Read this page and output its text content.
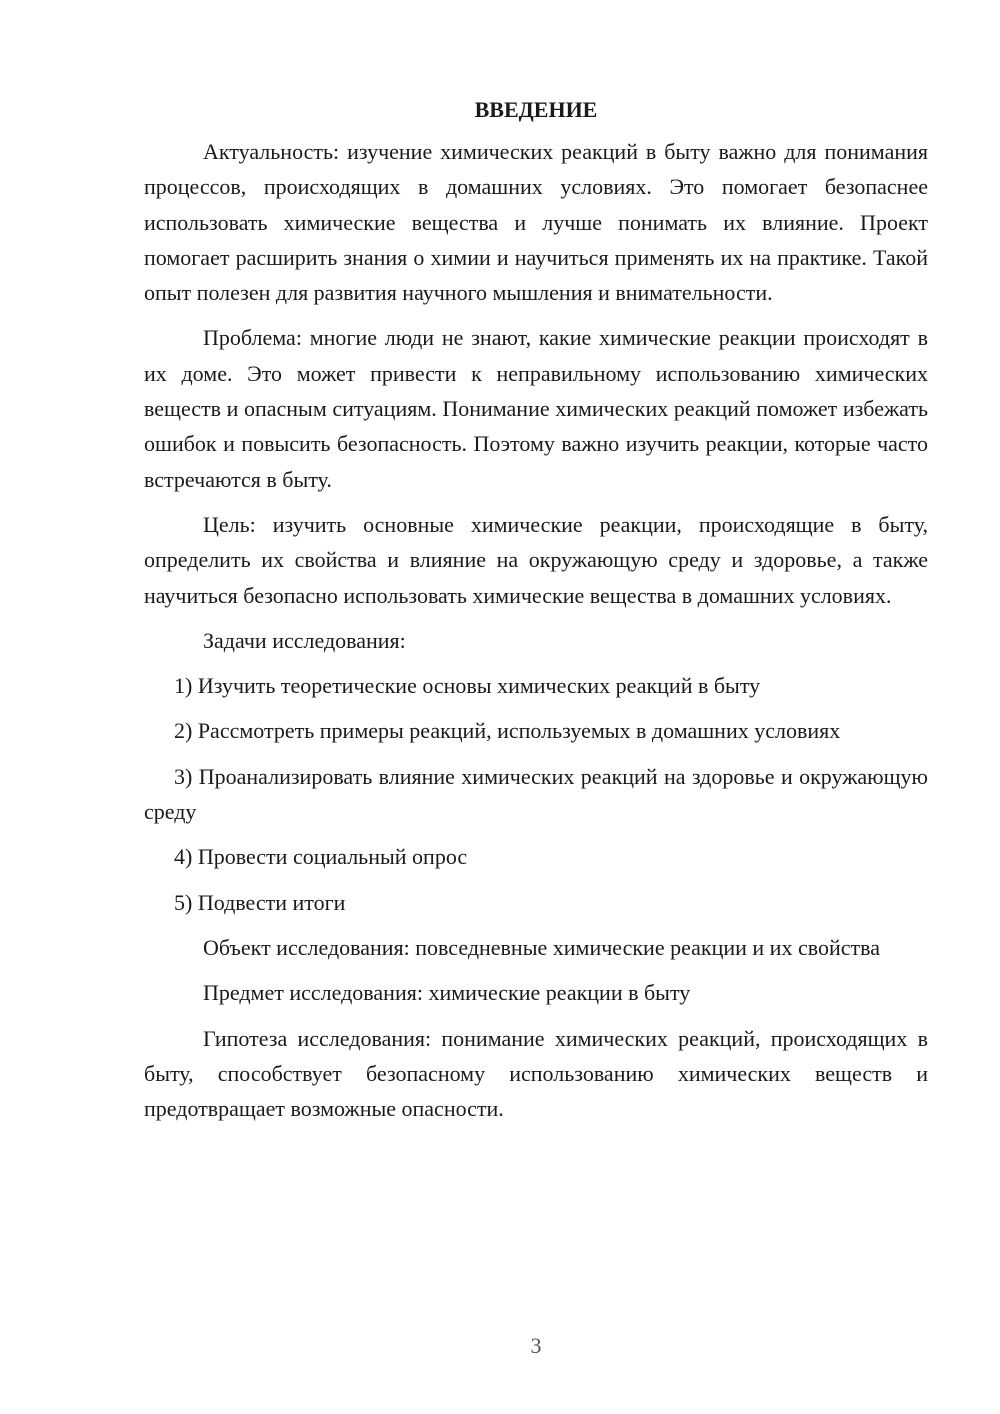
ВВЕДЕНИЕ

Актуальность: изучение химических реакций в быту важно для понимания процессов, происходящих в домашних условиях. Это помогает безопаснее использовать химические вещества и лучше понимать их влияние. Проект помогает расширить знания о химии и научиться применять их на практике. Такой опыт полезен для развития научного мышления и внимательности.

Проблема: многие люди не знают, какие химические реакции происходят в их доме. Это может привести к неправильному использованию химических веществ и опасным ситуациям. Понимание химических реакций поможет избежать ошибок и повысить безопасность. Поэтому важно изучить реакции, которые часто встречаются в быту.

Цель: изучить основные химические реакции, происходящие в быту, определить их свойства и влияние на окружающую среду и здоровье, а также научиться безопасно использовать химические вещества в домашних условиях.

Задачи исследования:

1) Изучить теоретические основы химических реакций в быту

2) Рассмотреть примеры реакций, используемых в домашних условиях

3) Проанализировать влияние химических реакций на здоровье и окружающую среду

4) Провести социальный опрос

5) Подвести итоги

Объект исследования: повседневные химические реакции и их свойства

Предмет исследования: химические реакции в быту

Гипотеза исследования: понимание химических реакций, происходящих в быту, способствует безопасному использованию химических веществ и предотвращает возможные опасности.

3
